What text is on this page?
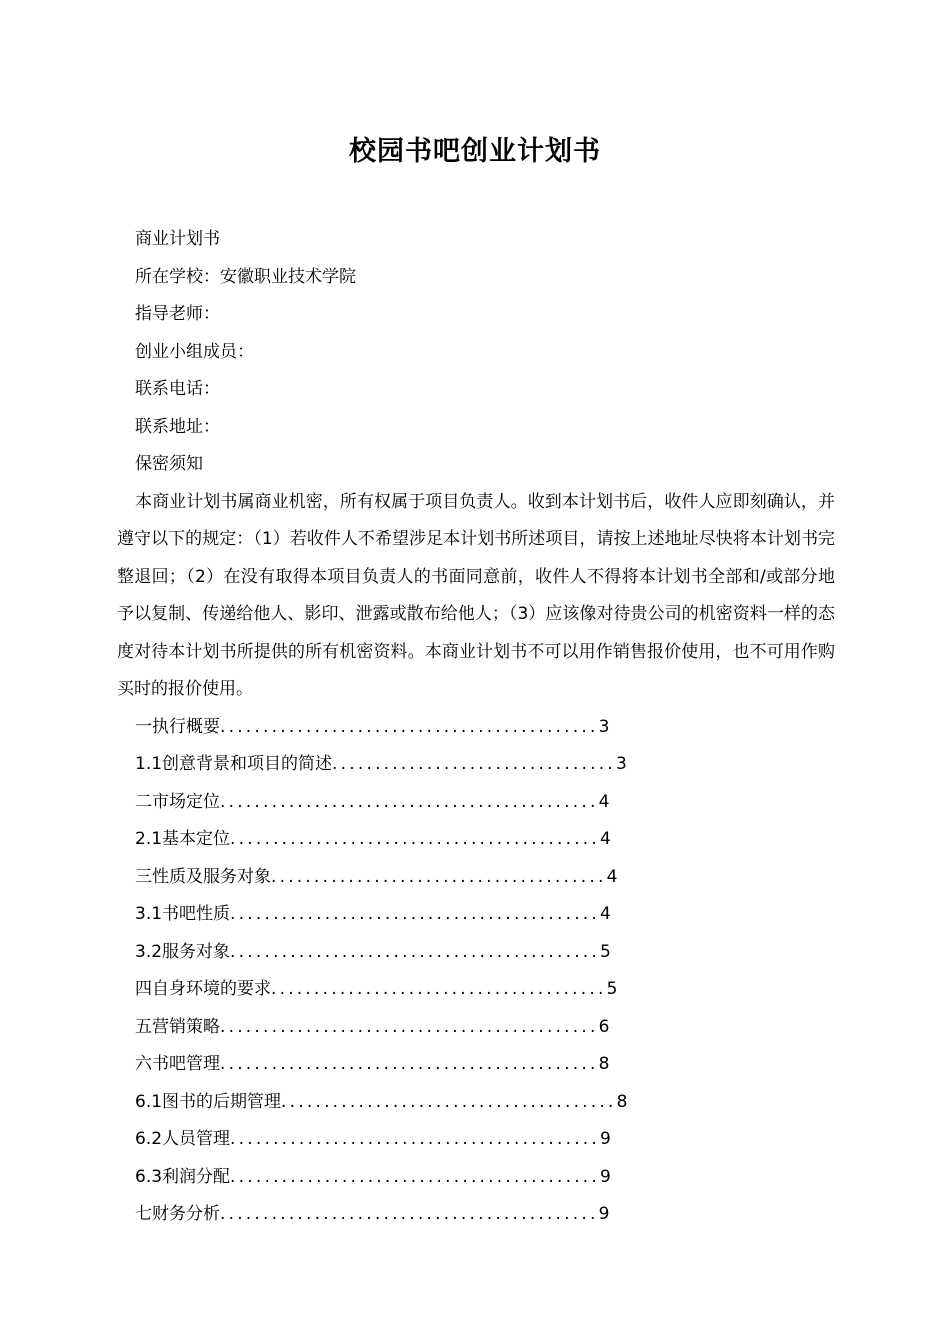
校园书吧创业计划书
商业计划书
所在学校：安徽职业技术学院
指导老师：
创业小组成员：
联系电话：
联系地址：
保密须知

本商业计划书属商业机密，所有权属于项目负责人。收到本计划书后，收件人应即刻确认，并遵守以下的规定：（1）若收件人不希望涉足本计划书所述项目，请按上述地址尽快将本计划书完整退回；（2）在没有取得本项目负责人的书面同意前，收件人不得将本计划书全部和/或部分地予以复制、传递给他人、影印、泄露或散布给他人；（3）应该像对待贵公司的机密资料一样的态度对待本计划书所提供的所有机密资料。本商业计划书不可以用作销售报价使用，也不可用作购买时的报价使用。

一执行概要............................................3
1.1创意背景和项目的简述.................................3
二市场定位............................................4
2.1基本定位...........................................4
三性质及服务对象.......................................4
3.1书吧性质...........................................4
3.2服务对象...........................................5
四自身环境的要求.......................................5
五营销策略............................................6
六书吧管理............................................8
6.1图书的后期管理.......................................8
6.2人员管理...........................................9
6.3利润分配...........................................9
七财务分析............................................9
